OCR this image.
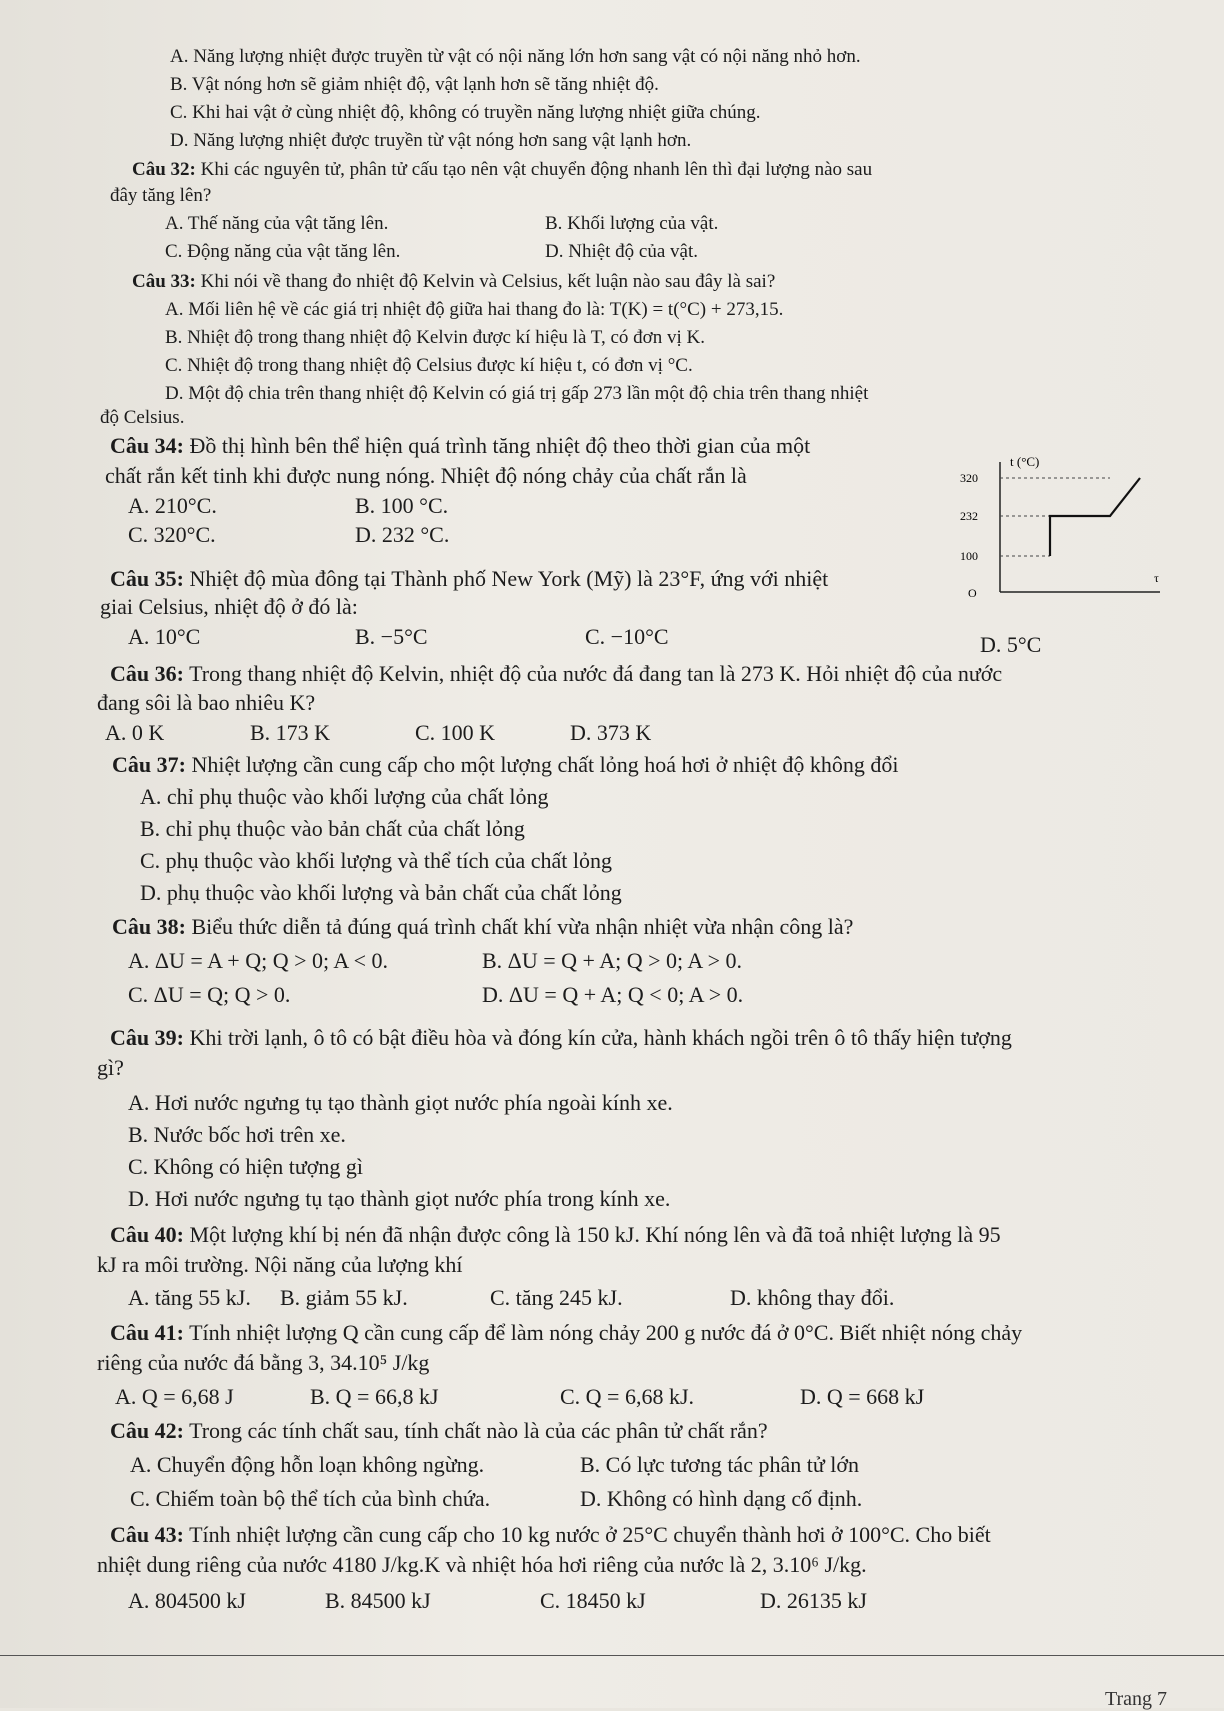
A. Năng lượng nhiệt được truyền từ vật có nội năng lớn hơn sang vật có nội năng nhỏ hơn.
B. Vật nóng hơn sẽ giảm nhiệt độ, vật lạnh hơn sẽ tăng nhiệt độ.
C. Khi hai vật ở cùng nhiệt độ, không có truyền năng lượng nhiệt giữa chúng.
D. Năng lượng nhiệt được truyền từ vật nóng hơn sang vật lạnh hơn.
Câu 32: Khi các nguyên tử, phân tử cấu tạo nên vật chuyển động nhanh lên thì đại lượng nào sau
đây tăng lên?
A. Thế năng của vật tăng lên.	B. Khối lượng của vật.
C. Động năng của vật tăng lên.	D. Nhiệt độ của vật.
Câu 33: Khi nói về thang đo nhiệt độ Kelvin và Celsius, kết luận nào sau đây là sai?
A. Mối liên hệ về các giá trị nhiệt độ giữa hai thang đo là: T(K) = t(°C) + 273,15.
B. Nhiệt độ trong thang nhiệt độ Kelvin được kí hiệu là T, có đơn vị K.
C. Nhiệt độ trong thang nhiệt độ Celsius được kí hiệu t, có đơn vị °C.
D. Một độ chia trên thang nhiệt độ Kelvin có giá trị gấp 273 lần một độ chia trên thang nhiệt
độ Celsius.
Câu 34: Đồ thị hình bên thể hiện quá trình tăng nhiệt độ theo thời gian của một
chất rắn kết tinh khi được nung nóng. Nhiệt độ nóng chảy của chất rắn là
A. 210°C.	B. 100 °C.
C. 320°C.	D. 232 °C.
t (°C)
τ
320
232
100
O
Câu 35: Nhiệt độ mùa đông tại Thành phố New York (Mỹ) là 23°F, ứng với nhiệt
giai Celsius, nhiệt độ ở đó là:
A. 10°C	B. −5°C	C. −10°C	D. 5°C
Câu 36: Trong thang nhiệt độ Kelvin, nhiệt độ của nước đá đang tan là 273 K. Hỏi nhiệt độ của nước
đang sôi là bao nhiêu K?
A. 0 K	B. 173 K	C. 100 K	D. 373 K
Câu 37: Nhiệt lượng cần cung cấp cho một lượng chất lỏng hoá hơi ở nhiệt độ không đổi
A. chỉ phụ thuộc vào khối lượng của chất lỏng
B. chỉ phụ thuộc vào bản chất của chất lỏng
C. phụ thuộc vào khối lượng và thể tích của chất lỏng
D. phụ thuộc vào khối lượng và bản chất của chất lỏng
Câu 38: Biểu thức diễn tả đúng quá trình chất khí vừa nhận nhiệt vừa nhận công là?
A. ΔU = A + Q; Q > 0; A < 0.	B. ΔU = Q + A; Q > 0; A > 0.
C. ΔU = Q; Q > 0.	D. ΔU = Q + A; Q < 0; A > 0.
Câu 39: Khi trời lạnh, ô tô có bật điều hòa và đóng kín cửa, hành khách ngồi trên ô tô thấy hiện tượng
gì?
A. Hơi nước ngưng tụ tạo thành giọt nước phía ngoài kính xe.
B. Nước bốc hơi trên xe.
C. Không có hiện tượng gì
D. Hơi nước ngưng tụ tạo thành giọt nước phía trong kính xe.
Câu 40: Một lượng khí bị nén đã nhận được công là 150 kJ. Khí nóng lên và đã toả nhiệt lượng là 95
kJ ra môi trường. Nội năng của lượng khí
A. tăng 55 kJ. B. giảm 55 kJ.	C. tăng 245 kJ.	D. không thay đổi.
Câu 41: Tính nhiệt lượng Q cần cung cấp để làm nóng chảy 200 g nước đá ở 0°C. Biết nhiệt nóng chảy
riêng của nước đá bằng 3, 34.10⁵ J/kg
A. Q = 6,68 J	B. Q = 66,8 kJ	C. Q = 6,68 kJ.	D. Q = 668 kJ
Câu 42: Trong các tính chất sau, tính chất nào là của các phân tử chất rắn?
A. Chuyển động hỗn loạn không ngừng.	B. Có lực tương tác phân tử lớn
C. Chiếm toàn bộ thể tích của bình chứa.	D. Không có hình dạng cố định.
Câu 43: Tính nhiệt lượng cần cung cấp cho 10 kg nước ở 25°C chuyển thành hơi ở 100°C. Cho biết
nhiệt dung riêng của nước 4180 J/kg.K và nhiệt hóa hơi riêng của nước là 2, 3.10⁶ J/kg.
A. 804500 kJ	B. 84500 kJ	C. 18450 kJ	D. 26135 kJ
Trang 7
